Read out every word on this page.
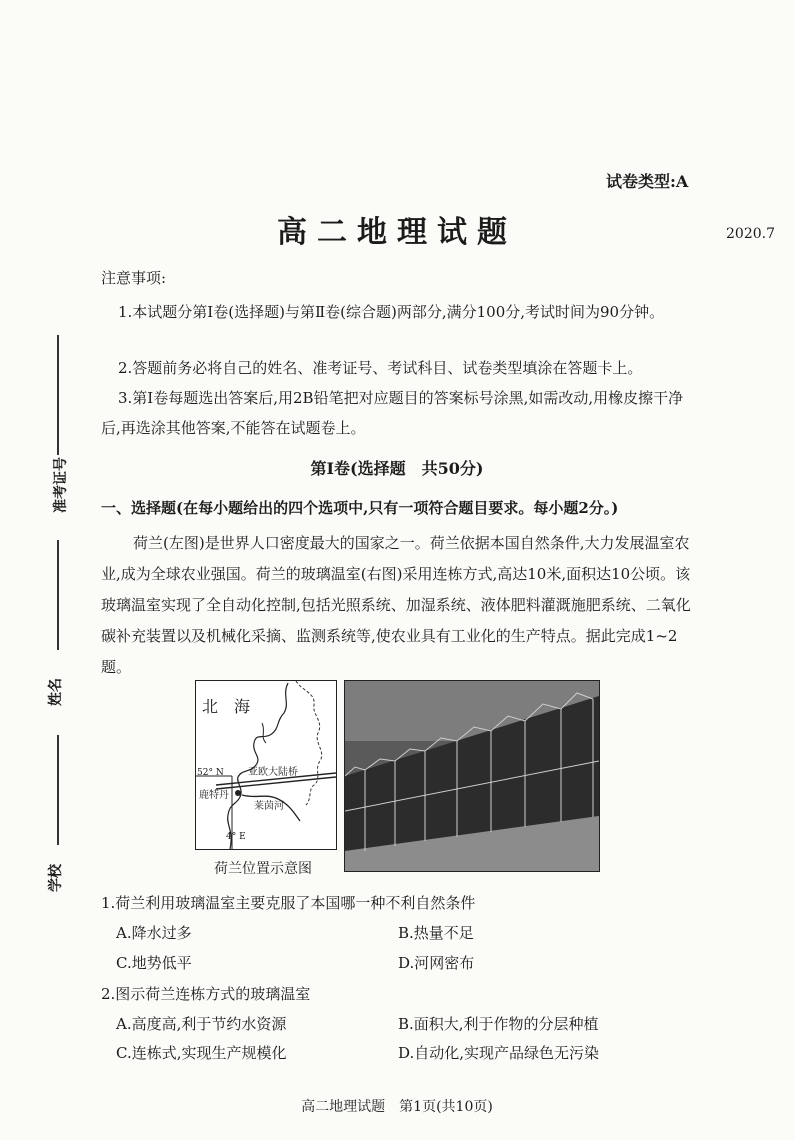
准考证号
姓名
学校
试卷类型:A
高二地理试题	2020.7
注意事项:
1.本试题分第Ⅰ卷(选择题)与第Ⅱ卷(综合题)两部分,满分100分,考试时间为90分钟。
2.答题前务必将自己的姓名、准考证号、考试科目、试卷类型填涂在答题卡上。
3.第Ⅰ卷每题选出答案后,用2B铅笔把对应题目的答案标号涂黑,如需改动,用橡皮擦干净后,再选涂其他答案,不能答在试题卷上。
第Ⅰ卷(选择题　共50分)
一、选择题(在每小题给出的四个选项中,只有一项符合题目要求。每小题2分。)
荷兰(左图)是世界人口密度最大的国家之一。荷兰依据本国自然条件,大力发展温室农业,成为全球农业强国。荷兰的玻璃温室(右图)采用连栋方式,高达10米,面积达10公顷。该玻璃温室实现了全自动化控制,包括光照系统、加湿系统、液体肥料灌溉施肥系统、二氧化碳补充装置以及机械化采摘、监测系统等,使农业具有工业化的生产特点。据此完成1~2题。
北　海
52° N 亚欧大陆桥
鹿特丹
莱茵河
4° E
荷兰位置示意图
1.荷兰利用玻璃温室主要克服了本国哪一种不利自然条件
A.降水过多	B.热量不足
C.地势低平	D.河网密布
2.图示荷兰连栋方式的玻璃温室
A.高度高,利于节约水资源	B.面积大,利于作物的分层种植
C.连栋式,实现生产规模化	D.自动化,实现产品绿色无污染
高二地理试题　第1页(共10页)
